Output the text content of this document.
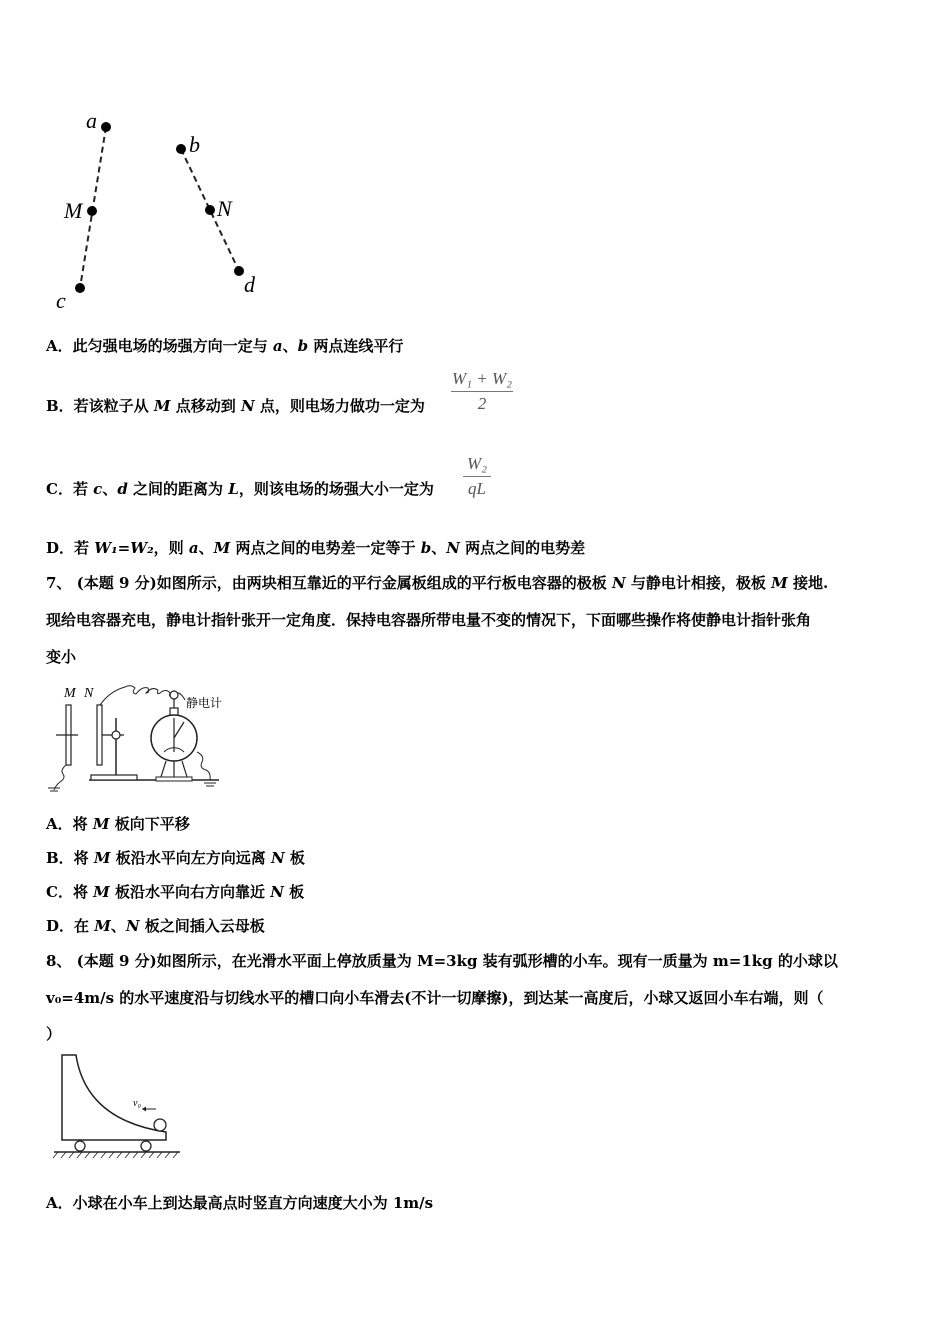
a
M
c
b
N
d
A．此匀强电场的场强方向一定与 a、b 两点连线平行
B．若该粒子从 M 点移动到 N 点，则电场力做功一定为
W₁ + W₂
2
C．若 c、d 之间的距离为 L，则该电场的场强大小一定为
W₂
qL
D．若 W₁=W₂，则 a、M 两点之间的电势差一定等于 b、N 两点之间的电势差
7、 (本题 9 分)如图所示，由两块相互靠近的平行金属板组成的平行板电容器的极板 N 与静电计相接，极板 M 接地.
现给电容器充电，静电计指针张开一定角度．保持电容器所带电量不变的情况下，下面哪些操作将使静电计指针张角
变小
M N
静电计
A．将 M 板向下平移
B．将 M 板沿水平向左方向远离 N 板
C．将 M 板沿水平向右方向靠近 N 板
D．在 M、N 板之间插入云母板
8、 (本题 9 分)如图所示，在光滑水平面上停放质量为 M=3kg 装有弧形槽的小车。现有一质量为 m=1kg 的小球以
v₀=4m/s 的水平速度沿与切线水平的槽口向小车滑去(不计一切摩擦)，到达某一高度后，小球又返回小车右端，则（
）
v₀
A．小球在小车上到达最高点时竖直方向速度大小为 1m/s
